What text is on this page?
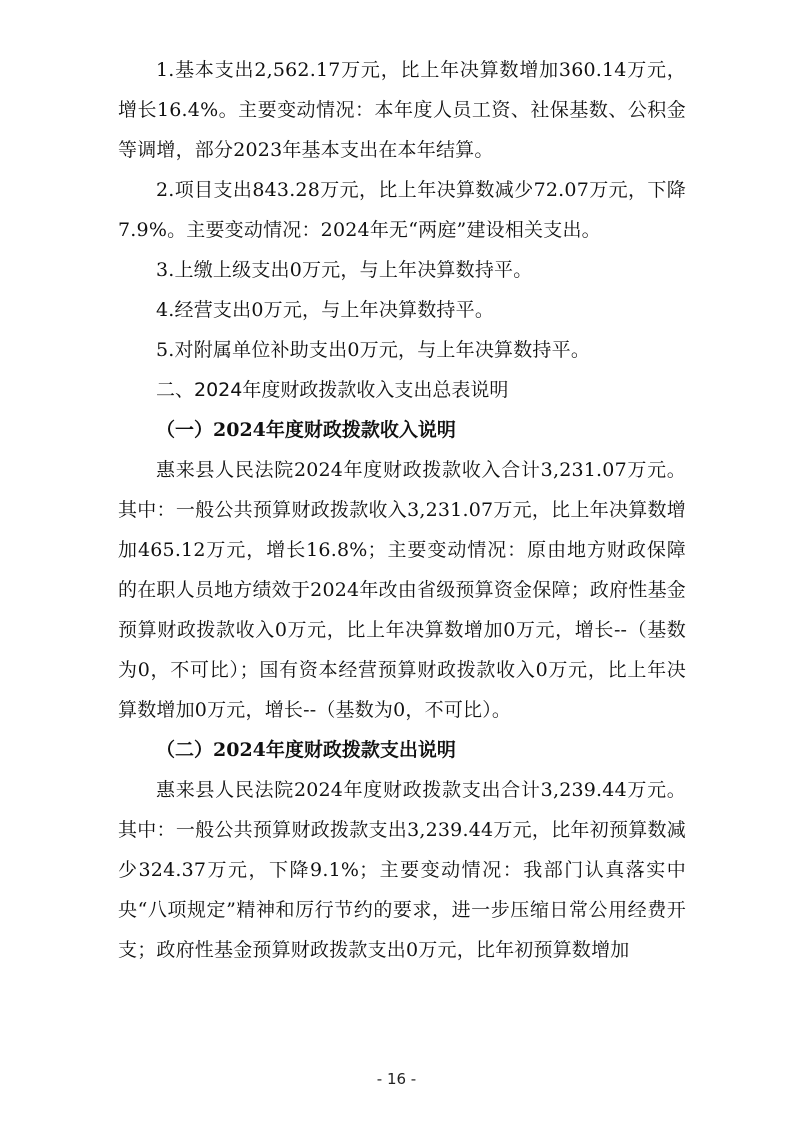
1.基本支出2,562.17万元，比上年决算数增加360.14万元，增长16.4%。主要变动情况：本年度人员工资、社保基数、公积金等调增，部分2023年基本支出在本年结算。

2.项目支出843.28万元，比上年决算数减少72.07万元，下降7.9%。主要变动情况：2024年无“两庭”建设相关支出。

3.上缴上级支出0万元，与上年决算数持平。

4.经营支出0万元，与上年决算数持平。

5.对附属单位补助支出0万元，与上年决算数持平。

二、2024年度财政拨款收入支出总表说明

（一）2024年度财政拨款收入说明

惠来县人民法院2024年度财政拨款收入合计3,231.07万元。其中：一般公共预算财政拨款收入3,231.07万元，比上年决算数增加465.12万元，增长16.8%；主要变动情况：原由地方财政保障的在职人员地方绩效于2024年改由省级预算资金保障；政府性基金预算财政拨款收入0万元，比上年决算数增加0万元，增长--（基数为0，不可比）；国有资本经营预算财政拨款收入0万元，比上年决算数增加0万元，增长--（基数为0，不可比）。

（二）2024年度财政拨款支出说明

惠来县人民法院2024年度财政拨款支出合计3,239.44万元。其中：一般公共预算财政拨款支出3,239.44万元，比年初预算数减少324.37万元，下降9.1%；主要变动情况：我部门认真落实中央“八项规定”精神和厉行节约的要求，进一步压缩日常公用经费开支；政府性基金预算财政拨款支出0万元，比年初预算数增加

- 16 -
